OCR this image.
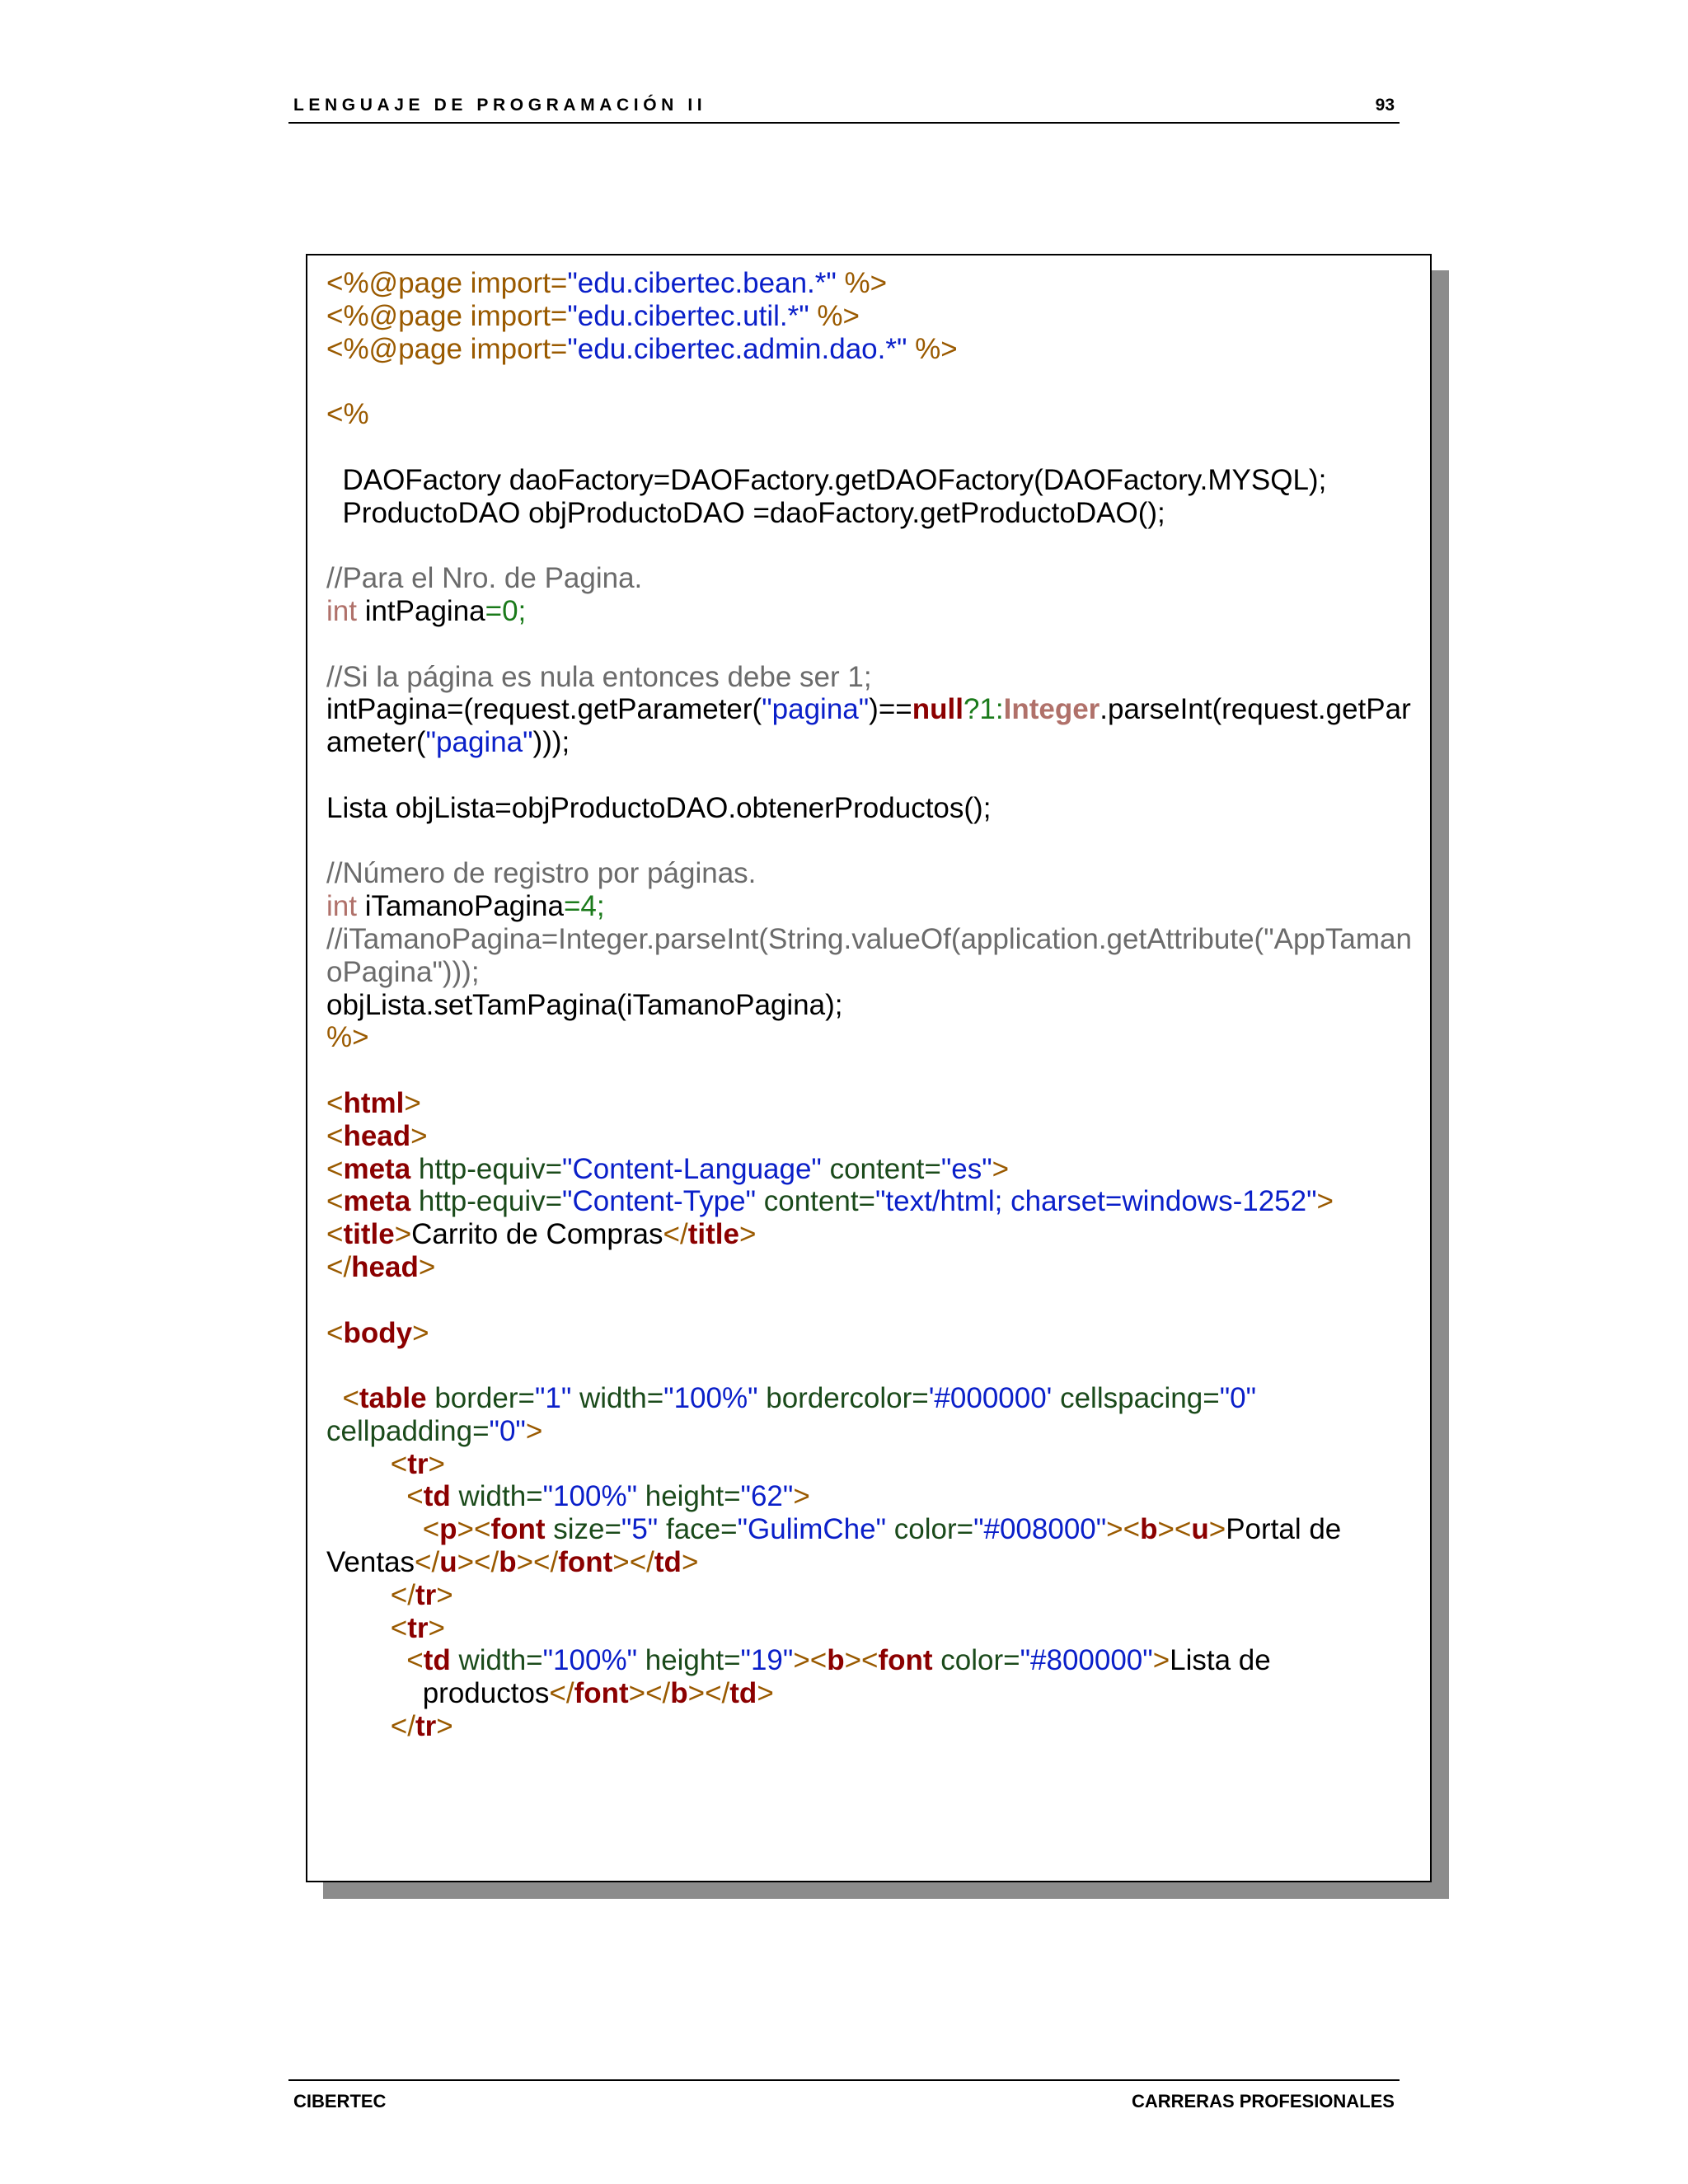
LENGUAJE DE PROGRAMACIÓN II	93
<%@page import="edu.cibertec.bean.*" %>
<%@page import="edu.cibertec.util.*" %>
<%@page import="edu.cibertec.admin.dao.*" %>
<%
DAOFactory daoFactory=DAOFactory.getDAOFactory(DAOFactory.MYSQL);
ProductoDAO objProductoDAO =daoFactory.getProductoDAO();
//Para el Nro. de Pagina.
int intPagina=0;
//Si la página es nula entonces debe ser 1;
intPagina=(request.getParameter("pagina")==null?1:Integer.parseInt(request.getPar
ameter("pagina")));
Lista objLista=objProductoDAO.obtenerProductos();
//Número de registro por páginas.
int iTamanoPagina=4;
//iTamanoPagina=Integer.parseInt(String.valueOf(application.getAttribute("AppTaman
oPagina")));
objLista.setTamPagina(iTamanoPagina);
%>
<html>
<head>
<meta http-equiv="Content-Language" content="es">
<meta http-equiv="Content-Type" content="text/html; charset=windows-1252">
<title>Carrito de Compras</title>
</head>
<body>
<table border="1" width="100%" bordercolor='#000000' cellspacing="0"
cellpadding="0">
<tr>
<td width="100%" height="62">
<p><font size="5" face="GulimChe" color="#008000"><b><u>Portal de
Ventas</u></b></font></td>
</tr>
<tr>
<td width="100%" height="19"><b><font color="#800000">Lista de
productos</font></b></td>
</tr>
CIBERTEC	CARRERAS PROFESIONALES
